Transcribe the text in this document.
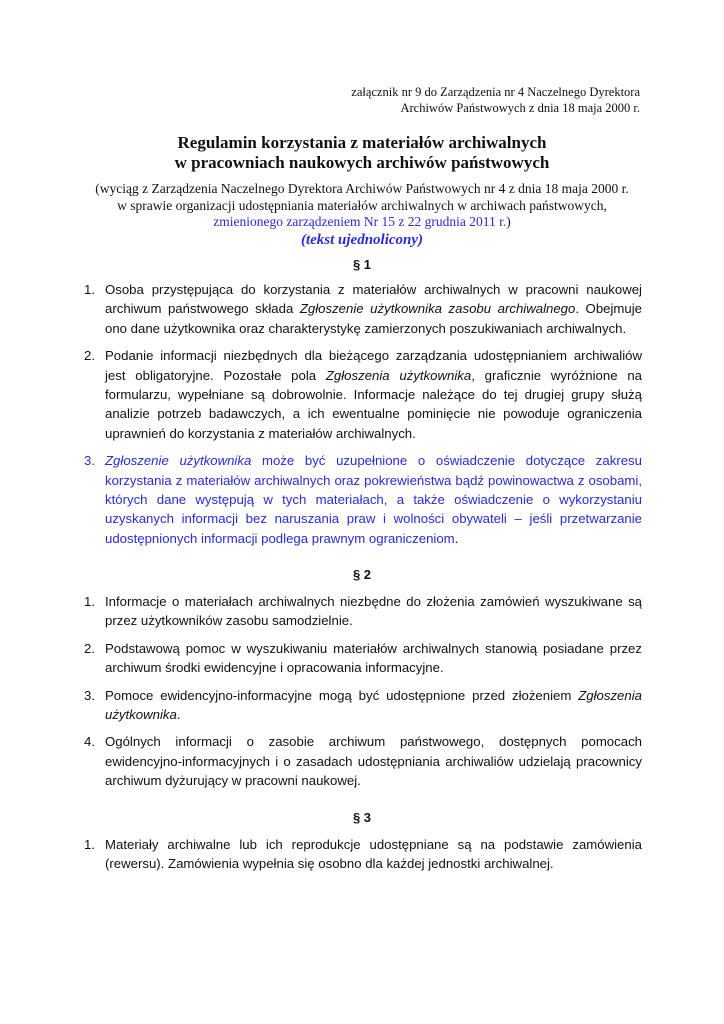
załącznik nr 9 do Zarządzenia nr 4 Naczelnego Dyrektora
Archiwów Państwowych z dnia 18 maja 2000 r.
Regulamin korzystania z materiałów archiwalnych
w pracowniach naukowych archiwów państwowych
(wyciąg z Zarządzenia Naczelnego Dyrektora Archiwów Państwowych nr 4 z dnia 18 maja 2000 r.
w sprawie organizacji udostępniania materiałów archiwalnych w archiwach państwowych,
zmienionego zarządzeniem Nr 15 z 22 grudnia 2011 r.)
(tekst ujednolicony)
§ 1
1. Osoba przystępująca do korzystania z materiałów archiwalnych w pracowni naukowej archiwum państwowego składa Zgłoszenie użytkownika zasobu archiwalnego. Obejmuje ono dane użytkownika oraz charakterystykę zamierzonych poszukiwaniach archiwalnych.
2. Podanie informacji niezbędnych dla bieżącego zarządzania udostępnianiem archiwaliów jest obligatoryjne. Pozostałe pola Zgłoszenia użytkownika, graficznie wyróżnione na formularzu, wypełniane są dobrowolnie. Informacje należące do tej drugiej grupy służą analizie potrzeb badawczych, a ich ewentualne pominięcie nie powoduje ograniczenia uprawnień do korzystania z materiałów archiwalnych.
3. Zgłoszenie użytkownika może być uzupełnione o oświadczenie dotyczące zakresu korzystania z materiałów archiwalnych oraz pokrewieństwa bądź powinowactwa z osobami, których dane występują w tych materiałach, a także oświadczenie o wykorzystaniu uzyskanych informacji bez naruszania praw i wolności obywateli – jeśli przetwarzanie udostępnionych informacji podlega prawnym ograniczeniom.
§ 2
1. Informacje o materiałach archiwalnych niezbędne do złożenia zamówień wyszukiwane są przez użytkowników zasobu samodzielnie.
2. Podstawową pomoc w wyszukiwaniu materiałów archiwalnych stanowią posiadane przez archiwum środki ewidencyjne i opracowania informacyjne.
3. Pomoce ewidencyjno-informacyjne mogą być udostępnione przed złożeniem Zgłoszenia użytkownika.
4. Ogólnych informacji o zasobie archiwum państwowego, dostępnych pomocach ewidencyjno-informacyjnych i o zasadach udostępniania archiwaliów udzielają pracownicy archiwum dyżurujący w pracowni naukowej.
§ 3
1. Materiały archiwalne lub ich reprodukcje udostępniane są na podstawie zamówienia (rewersu). Zamówienia wypełnia się osobno dla każdej jednostki archiwalnej.
